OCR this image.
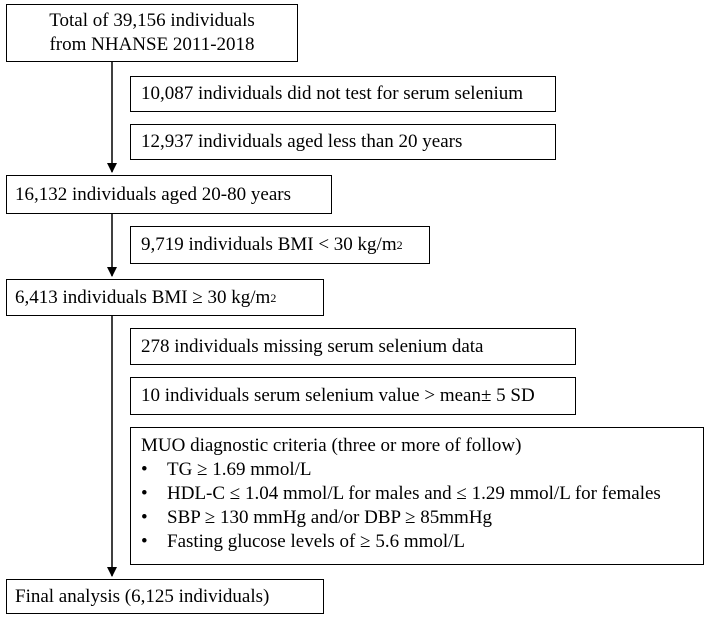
Total of 39,156 individuals
from NHANSE 2011-2018
10,087 individuals did not test for serum selenium
12,937 individuals aged less than 20 years
16,132 individuals aged 20-80 years
9,719 individuals BMI < 30 kg/m 2
6,413 individuals BMI ≥ 30 kg/m 2
278 individuals missing serum selenium data
10 individuals serum selenium value > mean± 5 SD
MUO diagnostic criteria (three or more of follow)
•	TG ≥ 1.69 mmol/L
•	HDL-C ≤ 1.04 mmol/L for males and ≤ 1.29 mmol/L for females
•	SBP ≥ 130 mmHg and/or DBP ≥ 85mmHg
•	Fasting glucose levels of ≥ 5.6 mmol/L
Final analysis (6,125 individuals)
